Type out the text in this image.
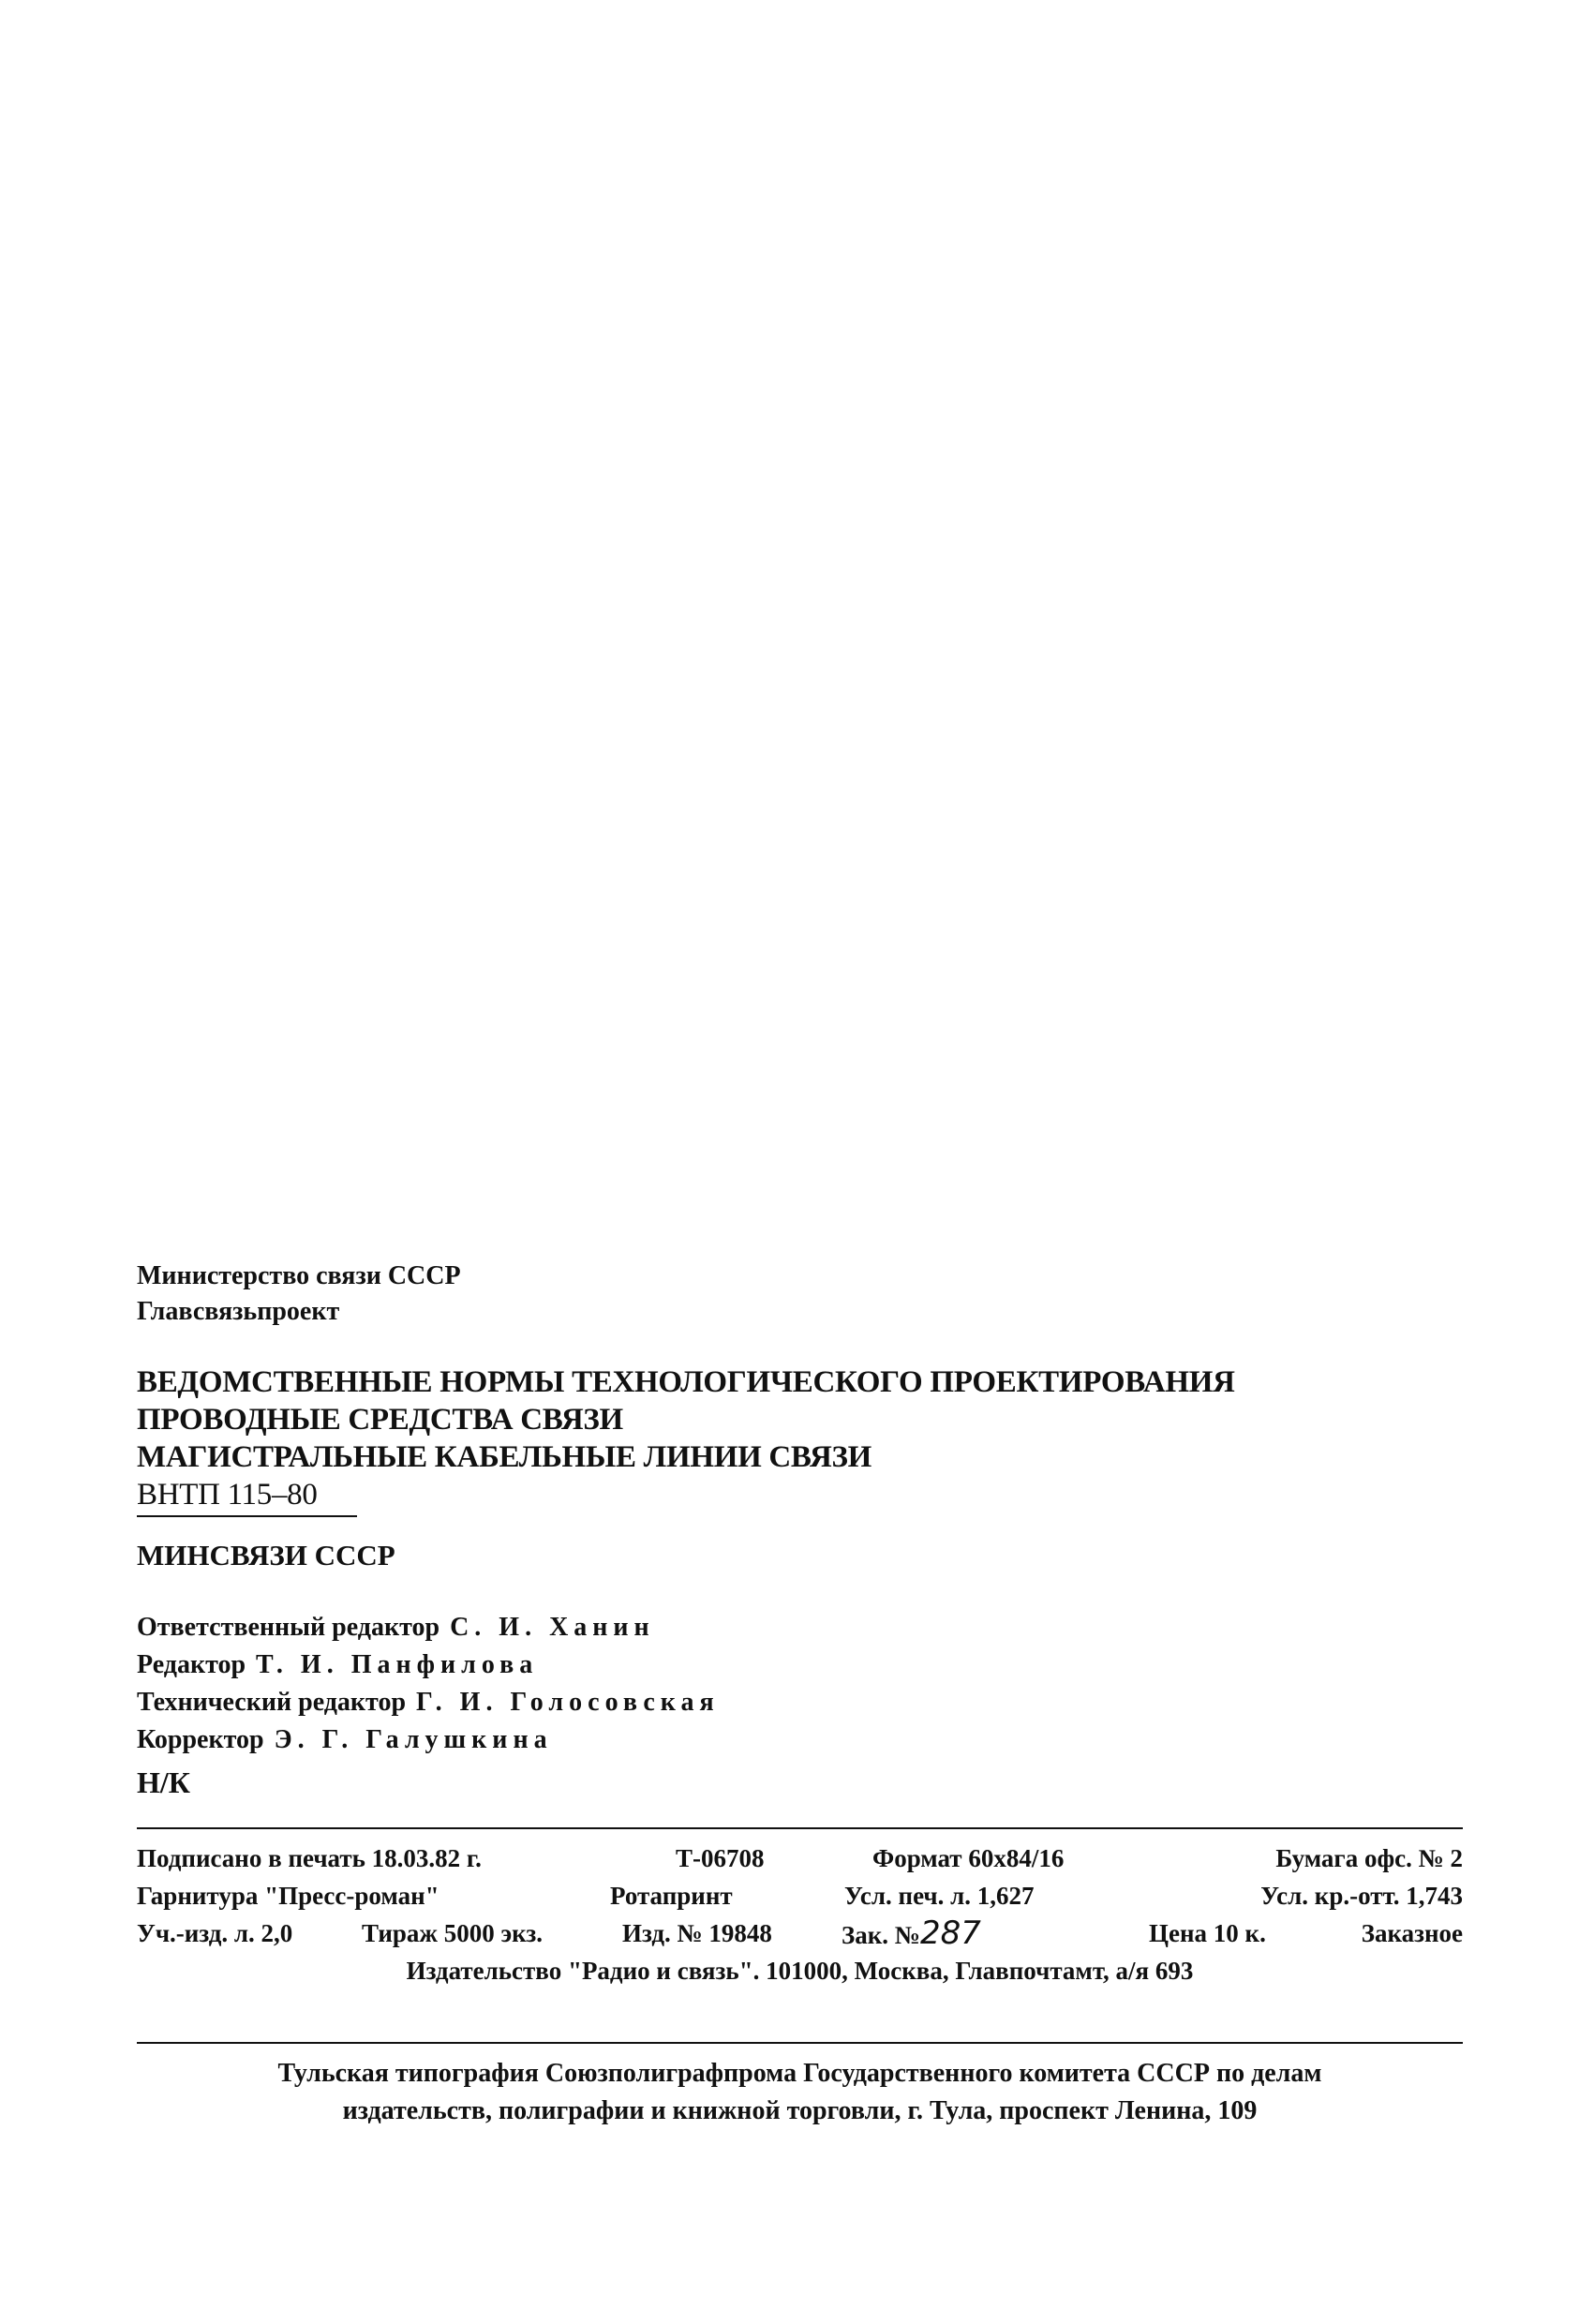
Министерство связи СССР
Главсвязьпроект
ВЕДОМСТВЕННЫЕ НОРМЫ ТЕХНОЛОГИЧЕСКОГО ПРОЕКТИРОВАНИЯ
ПРОВОДНЫЕ СРЕДСТВА СВЯЗИ
МАГИСТРАЛЬНЫЕ КАБЕЛЬНЫЕ ЛИНИИ СВЯЗИ
ВНТП 115–80
МИНСВЯЗИ СССР
Ответственный редактор С. И. Ханин
Редактор Т. И. Панфилова
Технический редактор Г. И. Голосовская
Корректор Э. Г. Галушкина
Н/К
Подписано в печать 18.03.82 г.	Т-06708	Формат 60х84/16	Бумага офс. № 2
Гарнитура "Пресс-роман"	Ротапринт	Усл. печ. л. 1,627	Усл. кр.-отт. 1,743
Уч.-изд. л. 2,0	Тираж 5000 экз.	Изд. № 19848	Зак. №287	Цена 10 к.	Заказное
Издательство "Радио и связь". 101000, Москва, Главпочтамт, а/я 693
Тульская типография Союзполиграфпрома Государственного комитета СССР по делам
издательств, полиграфии и книжной торговли, г. Тула, проспект Ленина, 109
